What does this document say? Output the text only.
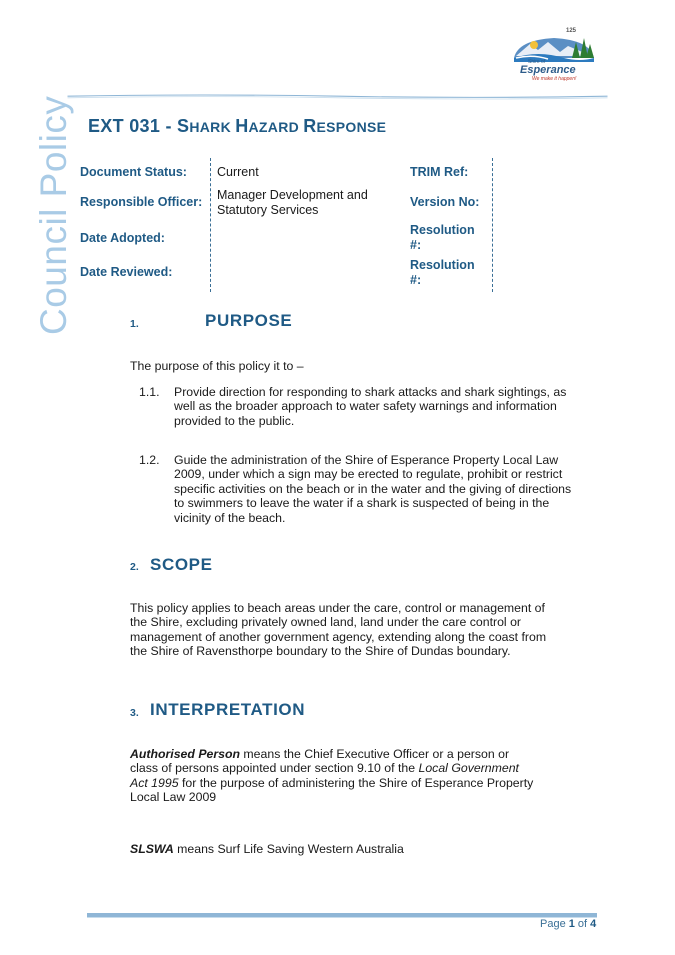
Council Policy
125
Shire of
Esperance
We make it happen!
EXT 031 - SHARK HAZARD RESPONSE
Document Status: Current
Responsible Officer: Manager Development and
Statutory Services
Date Adopted:
Date Reviewed:
TRIM Ref:
Version No:
Resolution
#:
Resolution
#:
1.	PURPOSE
The purpose of this policy it to –
1.1. Provide direction for responding to shark attacks and shark sightings, as
well as the broader approach to water safety warnings and information
provided to the public.
1.2. Guide the administration of the Shire of Esperance Property Local Law
2009, under which a sign may be erected to regulate, prohibit or restrict
specific activities on the beach or in the water and the giving of directions
to swimmers to leave the water if a shark is suspected of being in the
vicinity of the beach.
2. SCOPE
This policy applies to beach areas under the care, control or management of
the Shire, excluding privately owned land, land under the care control or
management of another government agency, extending along the coast from
the Shire of Ravensthorpe boundary to the Shire of Dundas boundary.
3. INTERPRETATION
Authorised Person means the Chief Executive Officer or a person or
class of persons appointed under section 9.10 of the Local Government
Act 1995 for the purpose of administering the Shire of Esperance Property
Local Law 2009
SLSWA means Surf Life Saving Western Australia
Page 1 of 4
